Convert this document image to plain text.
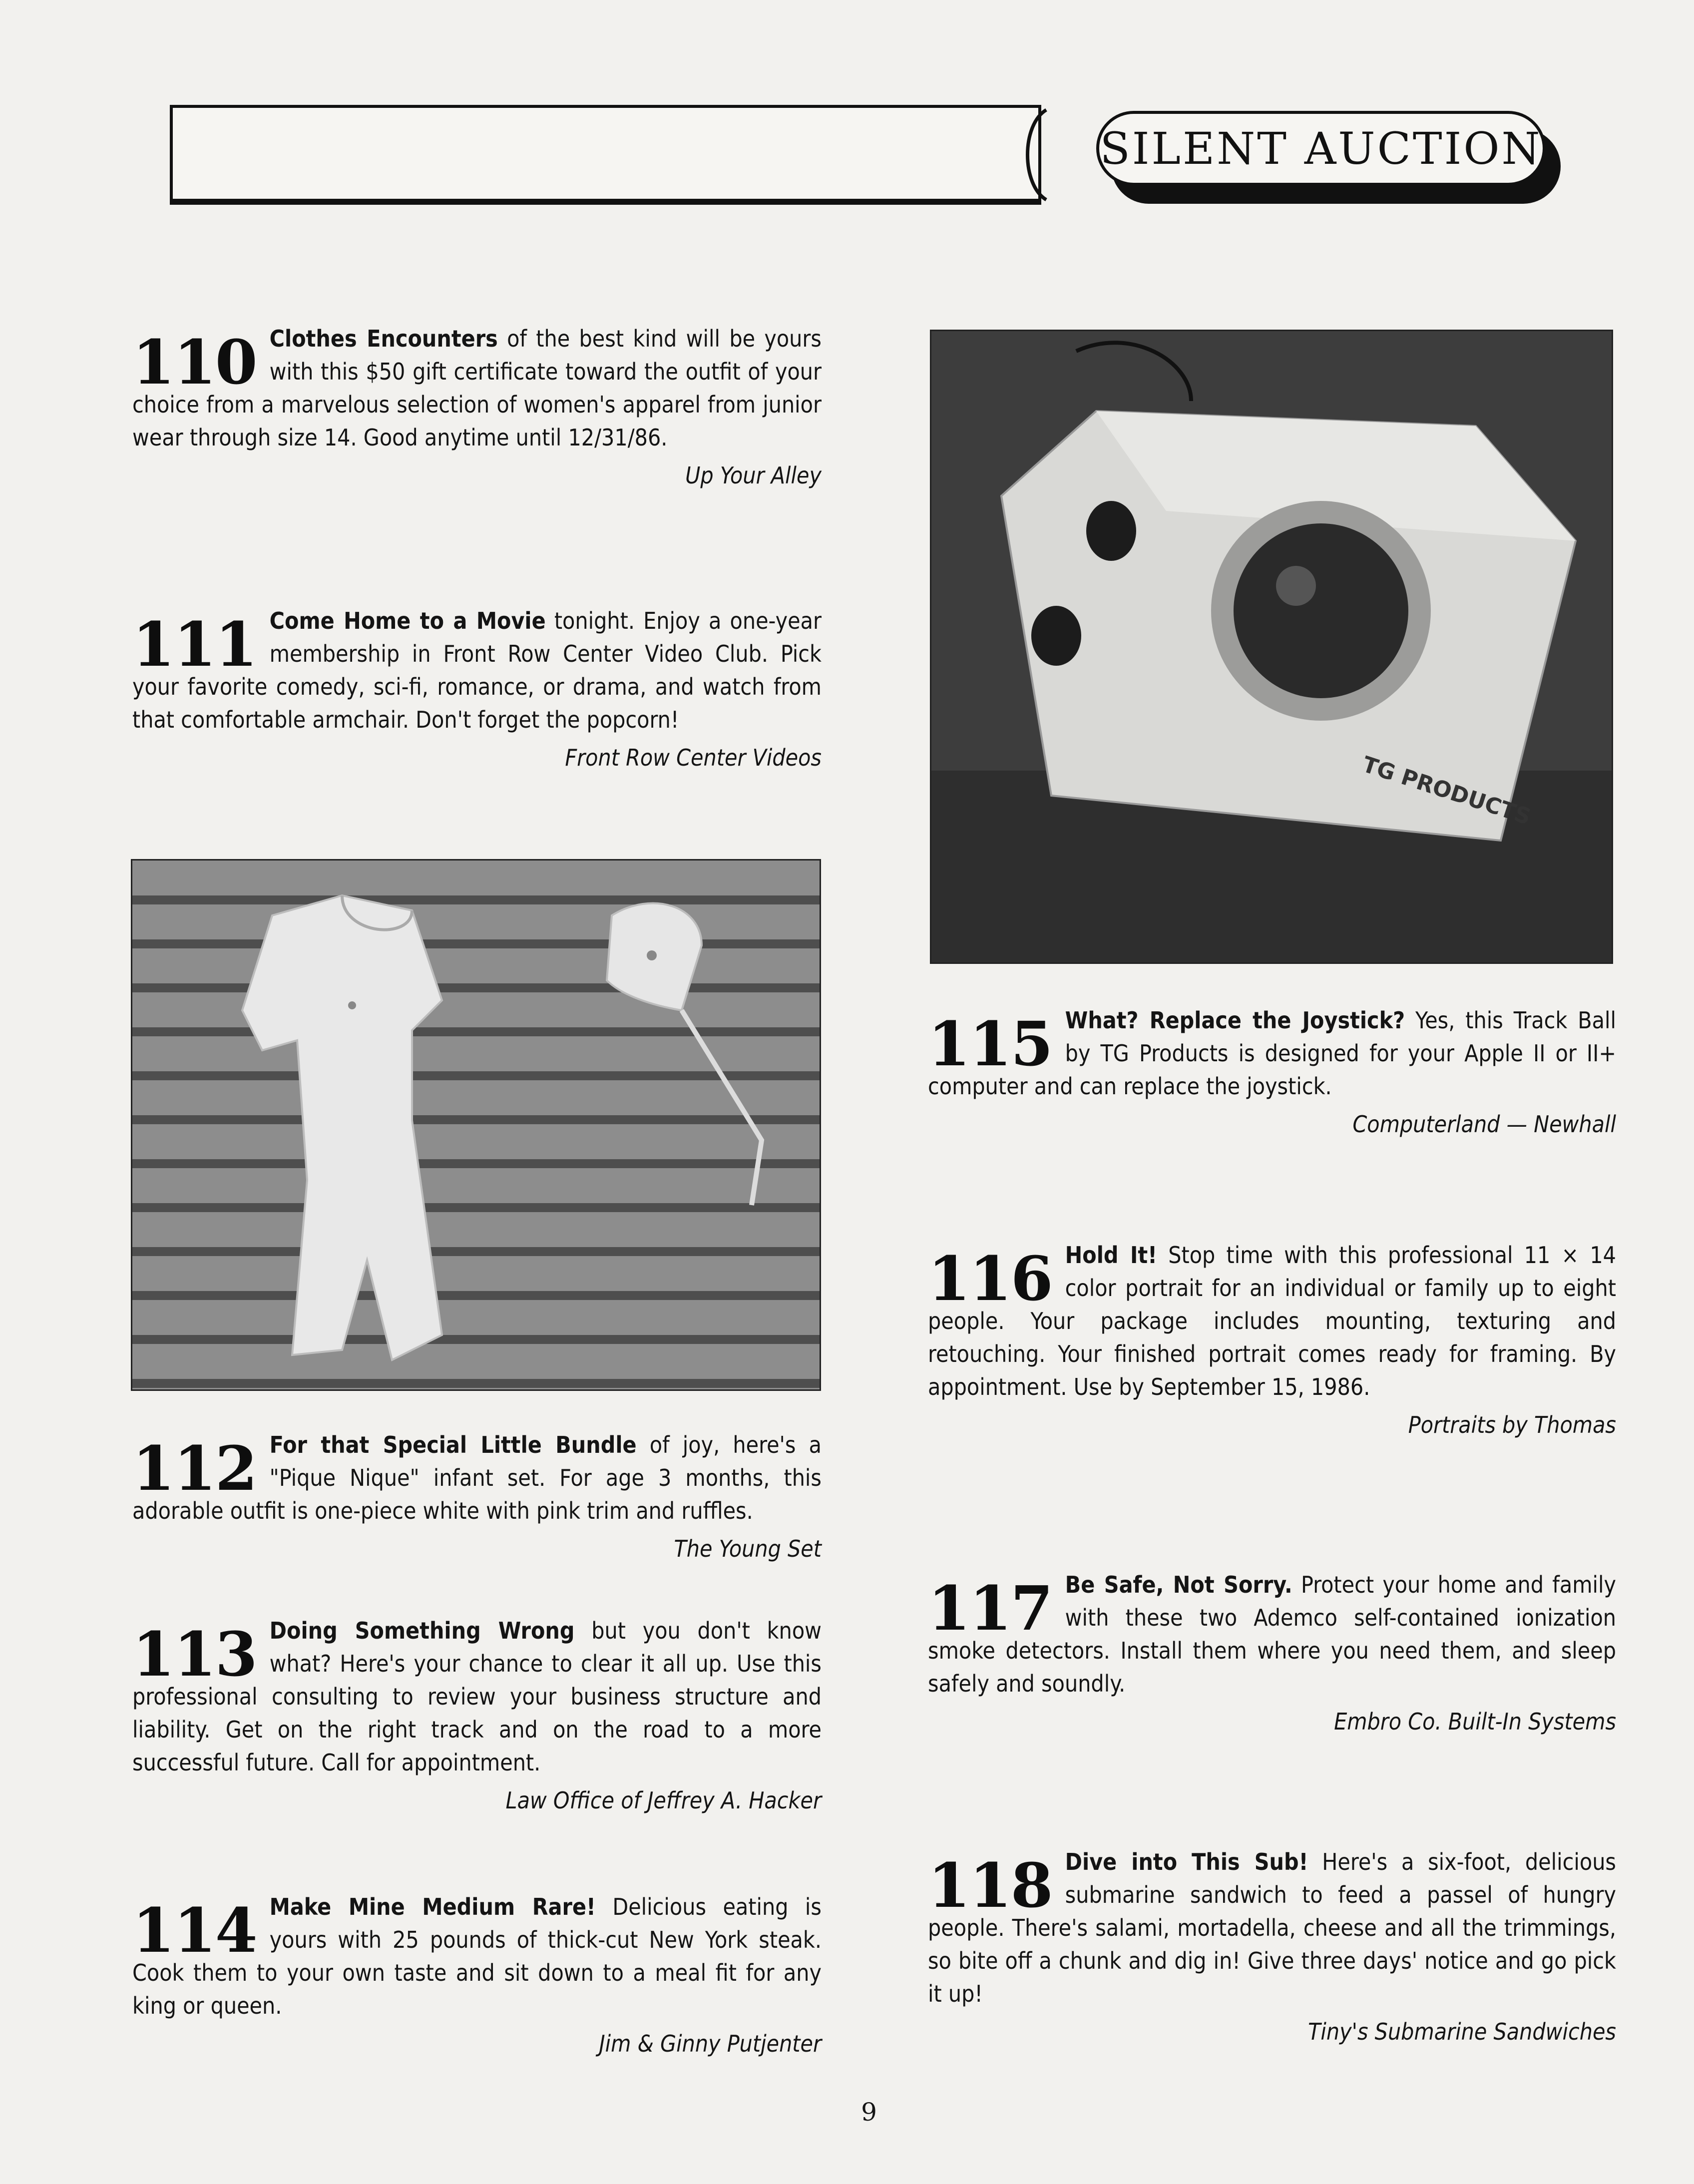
SILENT AUCTION
110 Clothes Encounters of the best kind will be yours with this $50 gift certificate toward the outfit of your choice from a marvelous selection of women's apparel from junior wear through size 14. Good anytime until 12/31/86.
Up Your Alley
111 Come Home to a Movie tonight. Enjoy a one-year membership in Front Row Center Video Club. Pick your favorite comedy, sci-fi, romance, or drama, and watch from that comfortable armchair. Don't forget the popcorn!
Front Row Center Videos
112 For that Special Little Bundle of joy, here's a "Pique Nique" infant set. For age 3 months, this adorable outfit is one-piece white with pink trim and ruffles.
The Young Set
113 Doing Something Wrong but you don't know what? Here's your chance to clear it all up. Use this professional consulting to review your business structure and liability. Get on the right track and on the road to a more successful future. Call for appointment.
Law Office of Jeffrey A. Hacker
114 Make Mine Medium Rare! Delicious eating is yours with 25 pounds of thick-cut New York steak. Cook them to your own taste and sit down to a meal fit for any king or queen.
Jim & Ginny Putjenter
TG PRODUCTS
115 What? Replace the Joystick? Yes, this Track Ball by TG Products is designed for your Apple II or II+ computer and can replace the joystick.
Computerland — Newhall
116 Hold It! Stop time with this professional 11 × 14 color portrait for an individual or family up to eight people. Your package includes mounting, texturing and retouching. Your finished portrait comes ready for framing. By appointment. Use by September 15, 1986.
Portraits by Thomas
117 Be Safe, Not Sorry. Protect your home and family with these two Ademco self-contained ionization smoke detectors. Install them where you need them, and sleep safely and soundly.
Embro Co. Built-In Systems
118 Dive into This Sub! Here's a six-foot, delicious submarine sandwich to feed a passel of hungry people. There's salami, mortadella, cheese and all the trimmings, so bite off a chunk and dig in! Give three days' notice and go pick it up!
Tiny's Submarine Sandwiches
9
